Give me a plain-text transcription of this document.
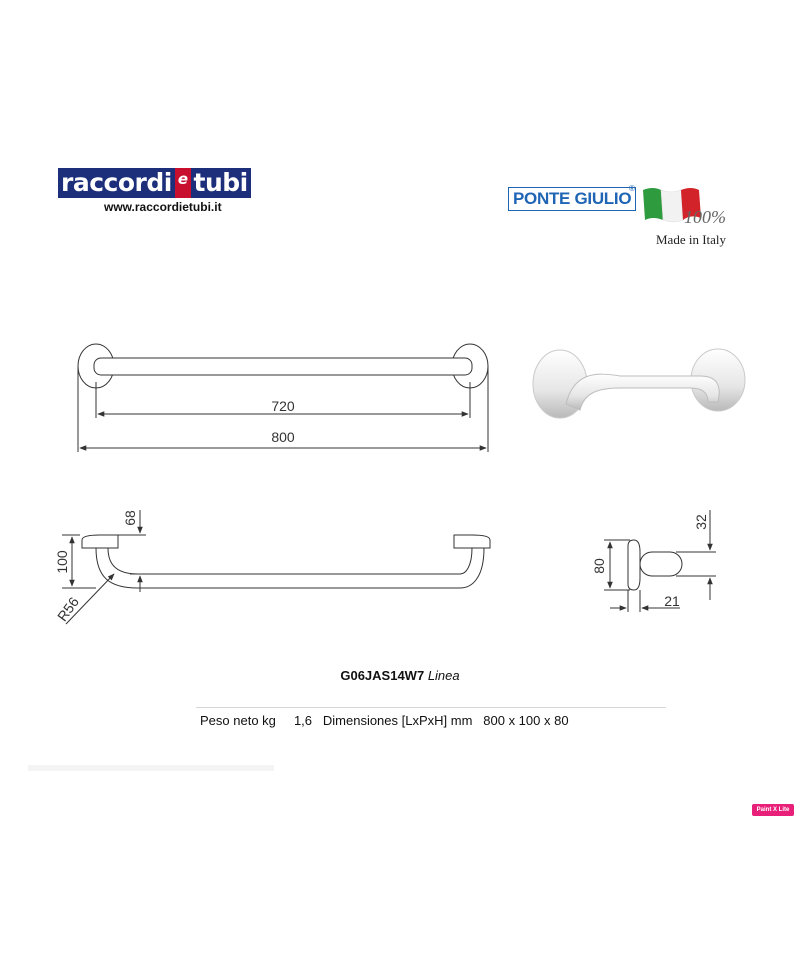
raccordi e tubi
www.raccordietubi.it	PONTE GIULIO
®
100%
Made in Italy
720
800
100
68
R56
80
32
21
G06JAS14W7 Linea
Peso neto kg 1,6 Dimensiones [LxPxH] mm 800 x 100 x 80
Paint X Lite
